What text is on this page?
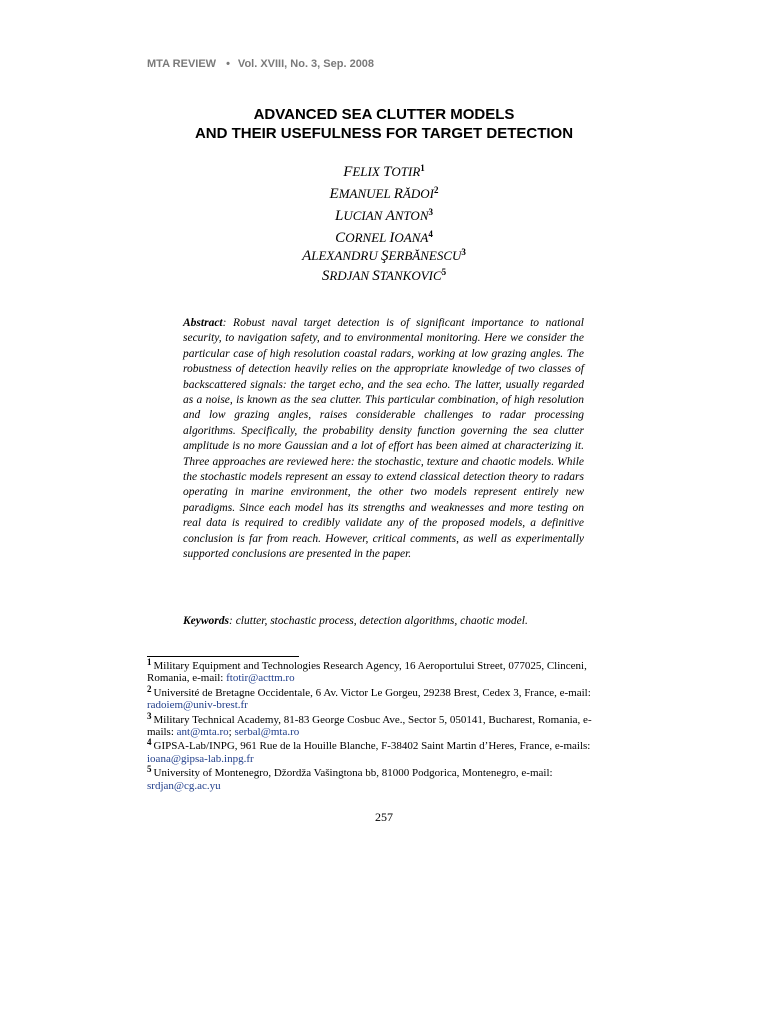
MTA REVIEW • Vol. XVIII, No. 3, Sep. 2008
ADVANCED SEA CLUTTER MODELS
AND THEIR USEFULNESS FOR TARGET DETECTION
FELIX TOTIR$^1$
EMANUEL RĂDOI$^2$
LUCIAN ANTON$^3$
CORNEL IOANA$^4$
ALEXANDRU ŞERBĂNESCU$^3$
SRDJAN STANKOVIC$^5$
Abstract: Robust naval target detection is of significant importance to national security, to navigation safety, and to environmental monitoring. Here we consider the particular case of high resolution coastal radars, working at low grazing angles. The robustness of detection heavily relies on the appropriate knowledge of two classes of backscattered signals: the target echo, and the sea echo. The latter, usually regarded as a noise, is known as the sea clutter. This particular combination, of high resolution and low grazing angles, raises considerable challenges to radar processing algorithms. Specifically, the probability density function governing the sea clutter amplitude is no more Gaussian and a lot of effort has been aimed at characterizing it. Three approaches are reviewed here: the stochastic, texture and chaotic models. While the stochastic models represent an essay to extend classical detection theory to radars operating in marine environment, the other two models represent entirely new paradigms. Since each model has its strengths and weaknesses and more testing on real data is required to credibly validate any of the proposed models, a definitive conclusion is far from reach. However, critical comments, as well as experimentally supported conclusions are presented in the paper.
Keywords: clutter, stochastic process, detection algorithms, chaotic model.
$^1$ Military Equipment and Technologies Research Agency, 16 Aeroportului Street, 077025, Clinceni, Romania, e-mail: ftotir@acttm.ro
$^2$ Université de Bretagne Occidentale, 6 Av. Victor Le Gorgeu, 29238 Brest, Cedex 3, France, e-mail: radoiem@univ-brest.fr
$^3$ Military Technical Academy, 81-83 George Cosbuc Ave., Sector 5, 050141, Bucharest, Romania, e-mails: ant@mta.ro; serbal@mta.ro
$^4$ GIPSA-Lab/INPG, 961 Rue de la Houille Blanche, F-38402 Saint Martin d’Heres, France, e-mails: ioana@gipsa-lab.inpg.fr
$^5$ University of Montenegro, Džordža Vašingtona bb, 81000 Podgorica, Montenegro, e-mail: srdjan@cg.ac.yu
257
